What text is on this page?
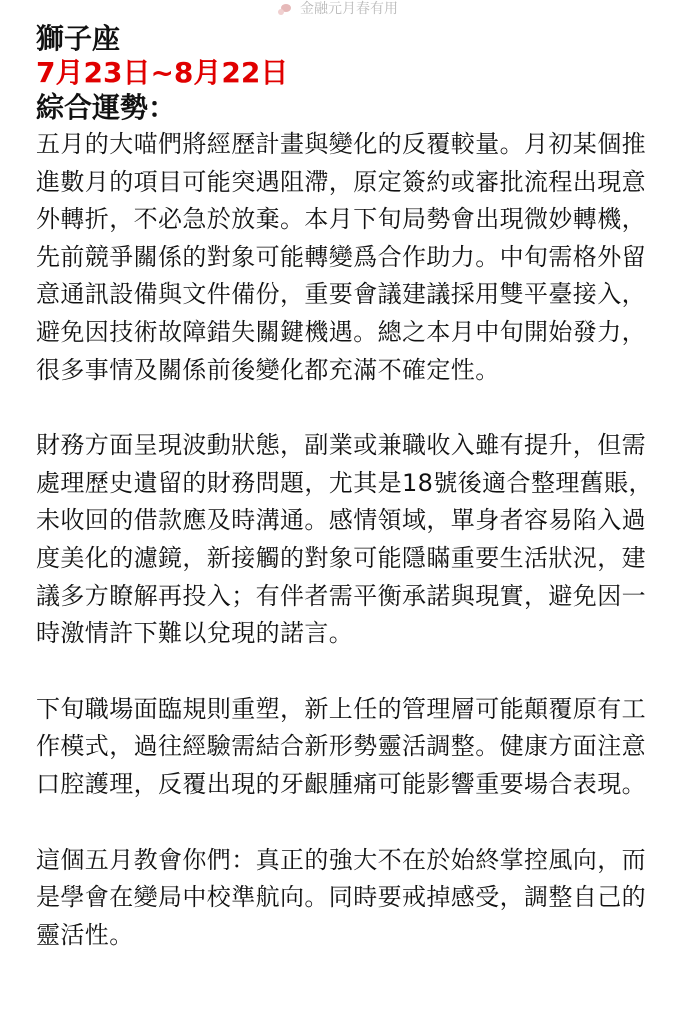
金融元月春有用
獅子座
7月23日~8月22日
綜合運勢：

五月的大喵們將經歷計畫與變化的反覆較量。月初某個推進數月的項目可能突遇阻滯，原定簽約或審批流程出現意外轉折，不必急於放棄。本月下旬局勢會出現微妙轉機，先前競爭關係的對象可能轉變爲合作助力。中旬需格外留意通訊設備與文件備份，重要會議建議採用雙平臺接入，避免因技術故障錯失關鍵機遇。總之本月中旬開始發力，很多事情及關係前後變化都充滿不確定性。

財務方面呈現波動狀態，副業或兼職收入雖有提升，但需處理歷史遺留的財務問題，尤其是18號後適合整理舊賬，未收回的借款應及時溝通。感情領域，單身者容易陷入過度美化的濾鏡，新接觸的對象可能隱瞞重要生活狀況，建議多方瞭解再投入；有伴者需平衡承諾與現實，避免因一時激情許下難以兌現的諾言。

下旬職場面臨規則重塑，新上任的管理層可能顛覆原有工作模式，過往經驗需結合新形勢靈活調整。健康方面注意口腔護理，反覆出現的牙齦腫痛可能影響重要場合表現。

這個五月教會你們：真正的強大不在於始終掌控風向，而是學會在變局中校準航向。同時要戒掉感受，調整自己的靈活性。
